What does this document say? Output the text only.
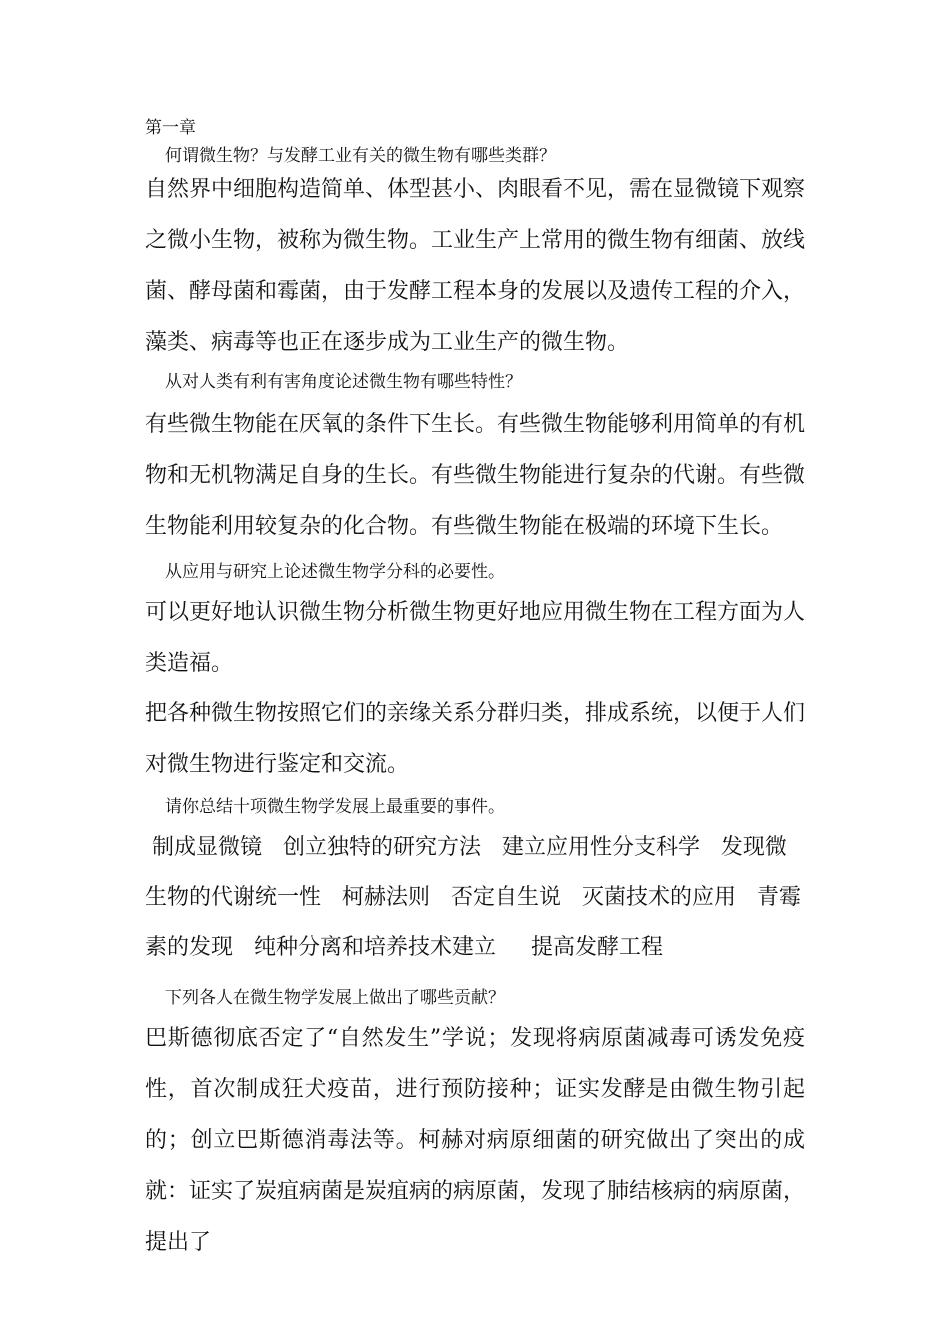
第一章
何谓微生物？与发酵工业有关的微生物有哪些类群？
自然界中细胞构造简单、体型甚小、肉眼看不见，需在显微镜下观察之微小生物，被称为微生物。工业生产上常用的微生物有细菌、放线菌、酵母菌和霉菌，由于发酵工程本身的发展以及遗传工程的介入，藻类、病毒等也正在逐步成为工业生产的微生物。
从对人类有利有害角度论述微生物有哪些特性？
有些微生物能在厌氧的条件下生长。有些微生物能够利用简单的有机物和无机物满足自身的生长。有些微生物能进行复杂的代谢。有些微生物能利用较复杂的化合物。有些微生物能在极端的环境下生长。
从应用与研究上论述微生物学分科的必要性。
可以更好地认识微生物分析微生物更好地应用微生物在工程方面为人类造福。
把各种微生物按照它们的亲缘关系分群归类，排成系统，以便于人们对微生物进行鉴定和交流。
请你总结十项微生物学发展上最重要的事件。
制成显微镜   创立独特的研究方法   建立应用性分支科学   发现微
生物的代谢统一性   柯赫法则   否定自生说   灭菌技术的应用   青霉
素的发现   纯种分离和培养技术建立     提高发酵工程
下列各人在微生物学发展上做出了哪些贡献？
巴斯德彻底否定了“自然发生”学说；发现将病原菌减毒可诱发免疫性，首次制成狂犬疫苗，进行预防接种；证实发酵是由微生物引起的；创立巴斯德消毒法等。柯赫对病原细菌的研究做出了突出的成就：证实了炭疽病菌是炭疽病的病原菌，发现了肺结核病的病原菌，提出了
